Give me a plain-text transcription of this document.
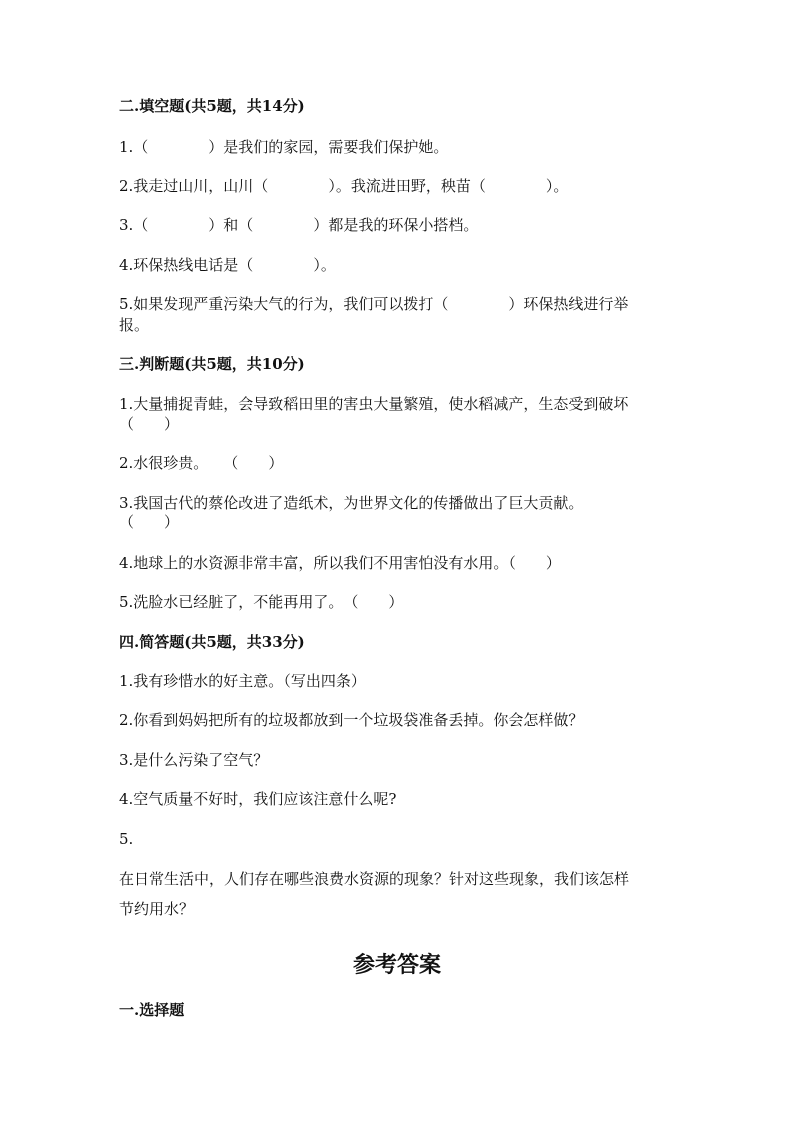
二.填空题(共5题，共14分)
1.（　　　　）是我们的家园，需要我们保护她。
2.我走过山川，山川（　　　　）。我流进田野，秧苗（　　　　）。
3.（　　　　）和（　　　　）都是我的环保小搭档。
4.环保热线电话是（　　　　）。
5.如果发现严重污染大气的行为，我们可以拨打（　　　　）环保热线进行举
报。
三.判断题(共5题，共10分)
1.大量捕捉青蛙，会导致稻田里的害虫大量繁殖，使水稻减产，生态受到破坏
（　　）
2.水很珍贵。　　（　　）
3.我国古代的蔡伦改进了造纸术，为世界文化的传播做出了巨大贡献。
（　　）
4.地球上的水资源非常丰富，所以我们不用害怕没有水用。（　　）
5.洗脸水已经脏了，不能再用了。　（　　）
四.简答题(共5题，共33分)
1.我有珍惜水的好主意。（写出四条）
2.你看到妈妈把所有的垃圾都放到一个垃圾袋准备丢掉。你会怎样做？
3.是什么污染了空气？
4.空气质量不好时，我们应该注意什么呢?
5.
在日常生活中，人们存在哪些浪费水资源的现象？针对这些现象，我们该怎样
节约用水？
参考答案
一.选择题
